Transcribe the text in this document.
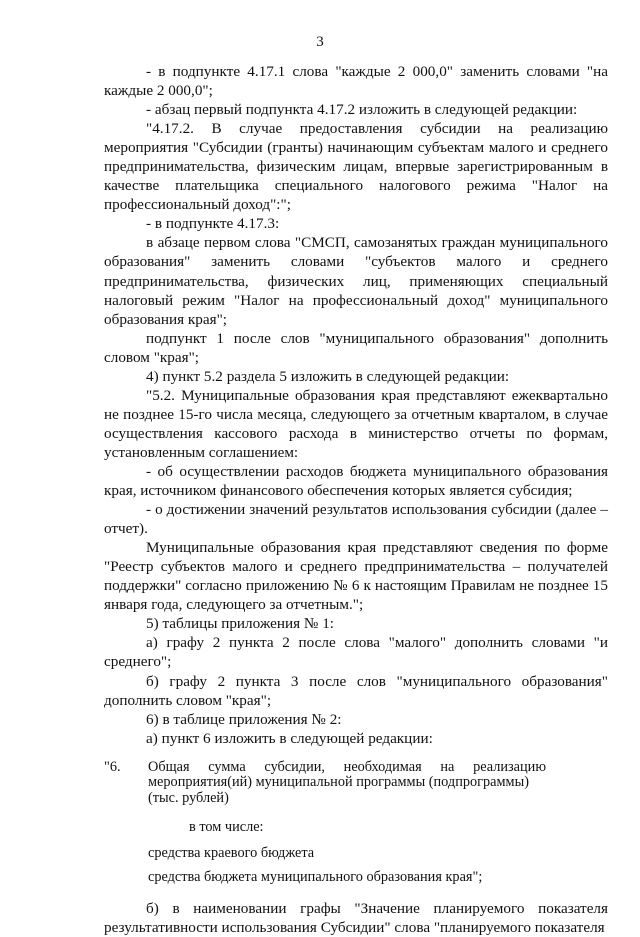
3

- в подпункте 4.17.1 слова "каждые 2 000,0" заменить словами "на каждые 2 000,0";

- абзац первый подпункта 4.17.2 изложить в следующей редакции:

"4.17.2. В случае предоставления субсидии на реализацию мероприятия "Субсидии (гранты) начинающим субъектам малого и среднего предпринимательства, физическим лицам, впервые зарегистрированным в качестве плательщика специального налогового режима "Налог на профессиональный доход":";

- в подпункте 4.17.3:

в абзаце первом слова "СМСП, самозанятых граждан муниципального образования" заменить словами "субъектов малого и среднего предпринимательства, физических лиц, применяющих специальный налоговый режим "Налог на профессиональный доход" муниципального образования края";

подпункт 1 после слов "муниципального образования" дополнить словом "края";

4) пункт 5.2 раздела 5 изложить в следующей редакции:

"5.2. Муниципальные образования края представляют ежеквартально не позднее 15-го числа месяца, следующего за отчетным кварталом, в случае осуществления кассового расхода в министерство отчеты по формам, установленным соглашением:

- об осуществлении расходов бюджета муниципального образования края, источником финансового обеспечения которых является субсидия;

- о достижении значений результатов использования субсидии (далее – отчет).

Муниципальные образования края представляют сведения по форме "Реестр субъектов малого и среднего предпринимательства – получателей поддержки" согласно приложению № 6 к настоящим Правилам не позднее 15 января года, следующего за отчетным.";

5) таблицы приложения № 1:

а) графу 2 пункта 2 после слова "малого" дополнить словами "и среднего";

б) графу 2 пункта 3 после слов "муниципального образования" дополнить словом "края";

6) в таблице приложения № 2:

а) пункт 6 изложить в следующей редакции:

"6.	Общая сумма субсидии, необходимая на реализацию мероприятия(ий) муниципальной программы (подпрограммы)
(тыс. рублей)
в том числе:
средства краевого бюджета
средства бюджета муниципального образования края";

б) в наименовании графы "Значение планируемого показателя результативности использования Субсидии" слова "планируемого показателя
